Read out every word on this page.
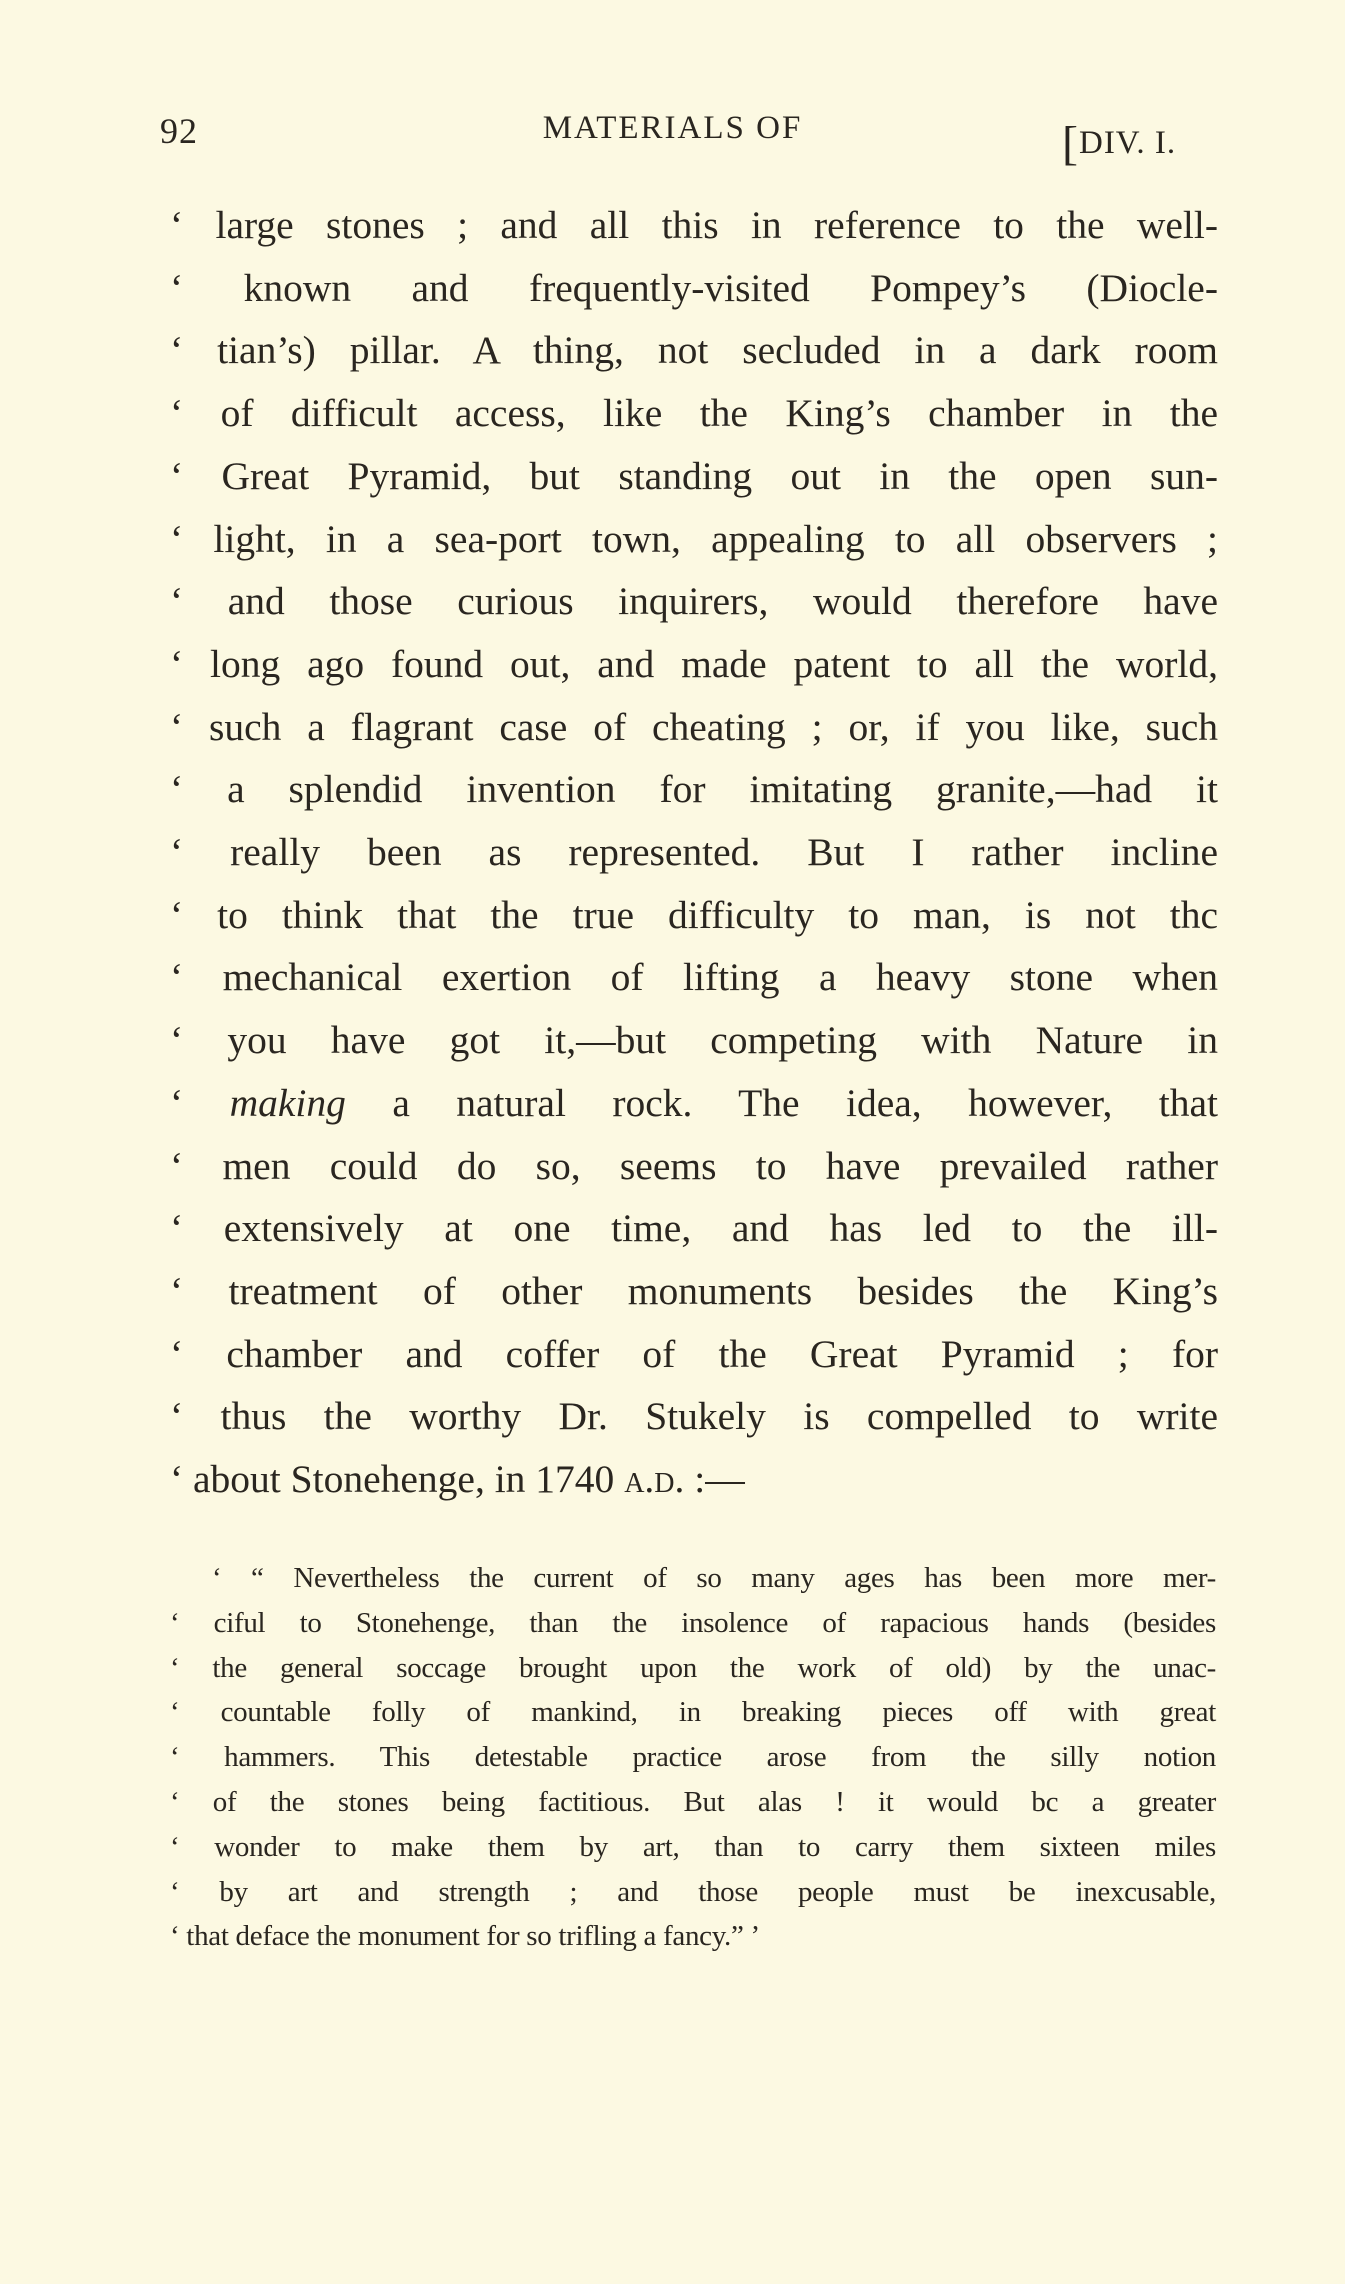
92	MATERIALS OF	[DIV. I.
‘ large stones ; and all this in reference to the well-
‘ known and frequently-visited Pompey’s (Diocle-
‘ tian’s) pillar. A thing, not secluded in a dark room
‘ of difficult access, like the King’s chamber in the
‘ Great Pyramid, but standing out in the open sun-
‘ light, in a sea-port town, appealing to all observers ;
‘ and those curious inquirers, would therefore have
‘ long ago found out, and made patent to all the world,
‘ such a flagrant case of cheating ; or, if you like, such
‘ a splendid invention for imitating granite,—had it
‘ really been as represented. But I rather incline
‘ to think that the true difficulty to man, is not thc
‘ mechanical exertion of lifting a heavy stone when
‘ you have got it,—but competing with Nature in
‘ making a natural rock. The idea, however, that
‘ men could do so, seems to have prevailed rather
‘ extensively at one time, and has led to the ill-
‘ treatment of other monuments besides the King’s
‘ chamber and coffer of the Great Pyramid ; for
‘ thus the worthy Dr. Stukely is compelled to write
‘ about Stonehenge, in 1740 a.d. :—
‘ “ Nevertheless the current of so many ages has been more mer-
‘ ciful to Stonehenge, than the insolence of rapacious hands (besides
‘ the general soccage brought upon the work of old) by the unac-
‘ countable folly of mankind, in breaking pieces off with great
‘ hammers. This detestable practice arose from the silly notion
‘ of the stones being factitious. But alas ! it would bc a greater
‘ wonder to make them by art, than to carry them sixteen miles
‘ by art and strength ; and those people must be inexcusable,
‘ that deface the monument for so trifling a fancy.” ’
